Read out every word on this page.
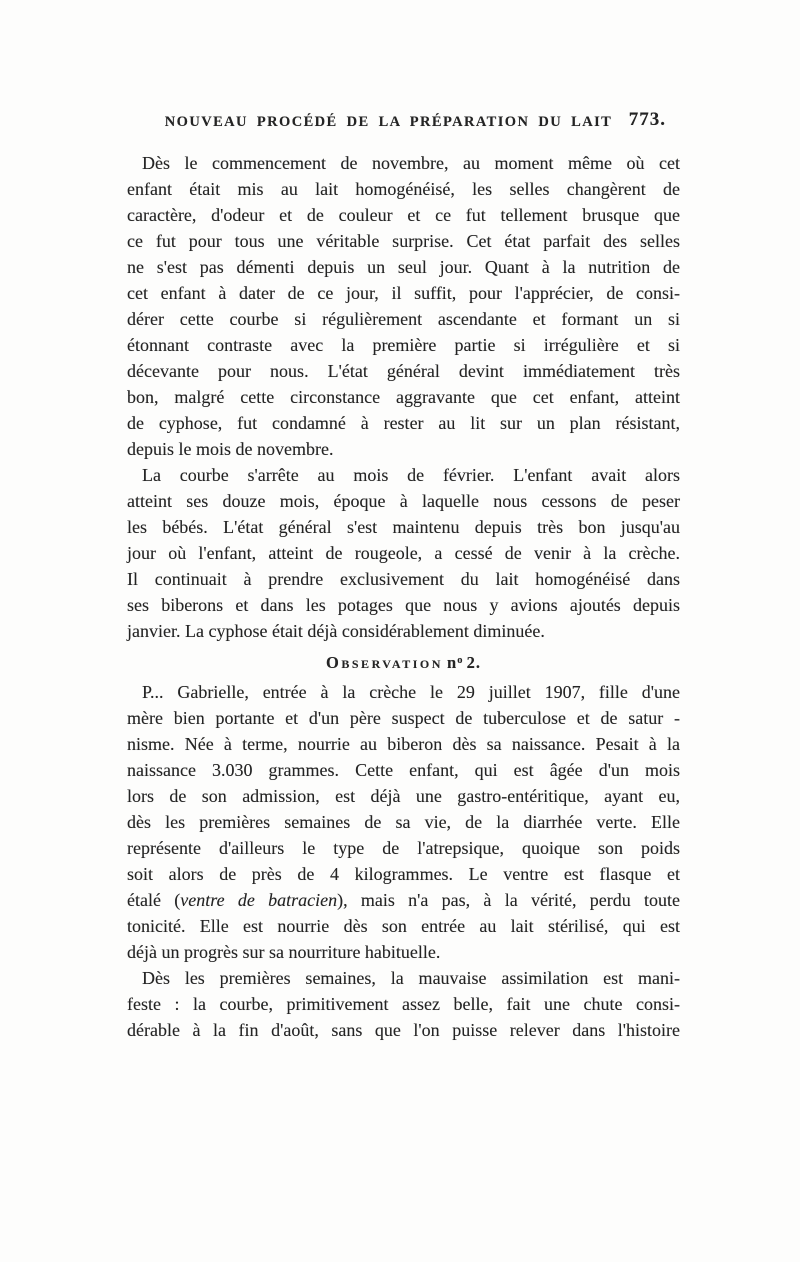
NOUVEAU PROCÉDÉ DE LA PRÉPARATION DU LAIT 773.
Dès le commencement de novembre, au moment même où cet
enfant était mis au lait homogénéisé, les selles changèrent de
caractère, d'odeur et de couleur et ce fut tellement brusque que
ce fut pour tous une véritable surprise. Cet état parfait des selles
ne s'est pas démenti depuis un seul jour. Quant à la nutrition de
cet enfant à dater de ce jour, il suffit, pour l'apprécier, de consi-
dérer cette courbe si régulièrement ascendante et formant un si
étonnant contraste avec la première partie si irrégulière et si
décevante pour nous. L'état général devint immédiatement très
bon, malgré cette circonstance aggravante que cet enfant, atteint
de cyphose, fut condamné à rester au lit sur un plan résistant,
depuis le mois de novembre.
La courbe s'arrête au mois de février. L'enfant avait alors
atteint ses douze mois, époque à laquelle nous cessons de peser
les bébés. L'état général s'est maintenu depuis très bon jusqu'au
jour où l'enfant, atteint de rougeole, a cessé de venir à la crèche.
Il continuait à prendre exclusivement du lait homogénéisé dans
ses biberons et dans les potages que nous y avions ajoutés depuis
janvier. La cyphose était déjà considérablement diminuée.
Observation $n^o$ 2.
P... Gabrielle, entrée à la crèche le 29 juillet 1907, fille d'une
mère bien portante et d'un père suspect de tuberculose et de satur -
nisme. Née à terme, nourrie au biberon dès sa naissance. Pesait à la
naissance 3.030 grammes. Cette enfant, qui est âgée d'un mois
lors de son admission, est déjà une gastro-entéritique, ayant eu,
dès les premières semaines de sa vie, de la diarrhée verte. Elle
représente d'ailleurs le type de l'atrepsique, quoique son poids
soit alors de près de 4 kilogrammes. Le ventre est flasque et
étalé (ventre de batracien), mais n'a pas, à la vérité, perdu toute
tonicité. Elle est nourrie dès son entrée au lait stérilisé, qui est
déjà un progrès sur sa nourriture habituelle.
Dès les premières semaines, la mauvaise assimilation est mani-
feste : la courbe, primitivement assez belle, fait une chute consi-
dérable à la fin d'août, sans que l'on puisse relever dans l'histoire
